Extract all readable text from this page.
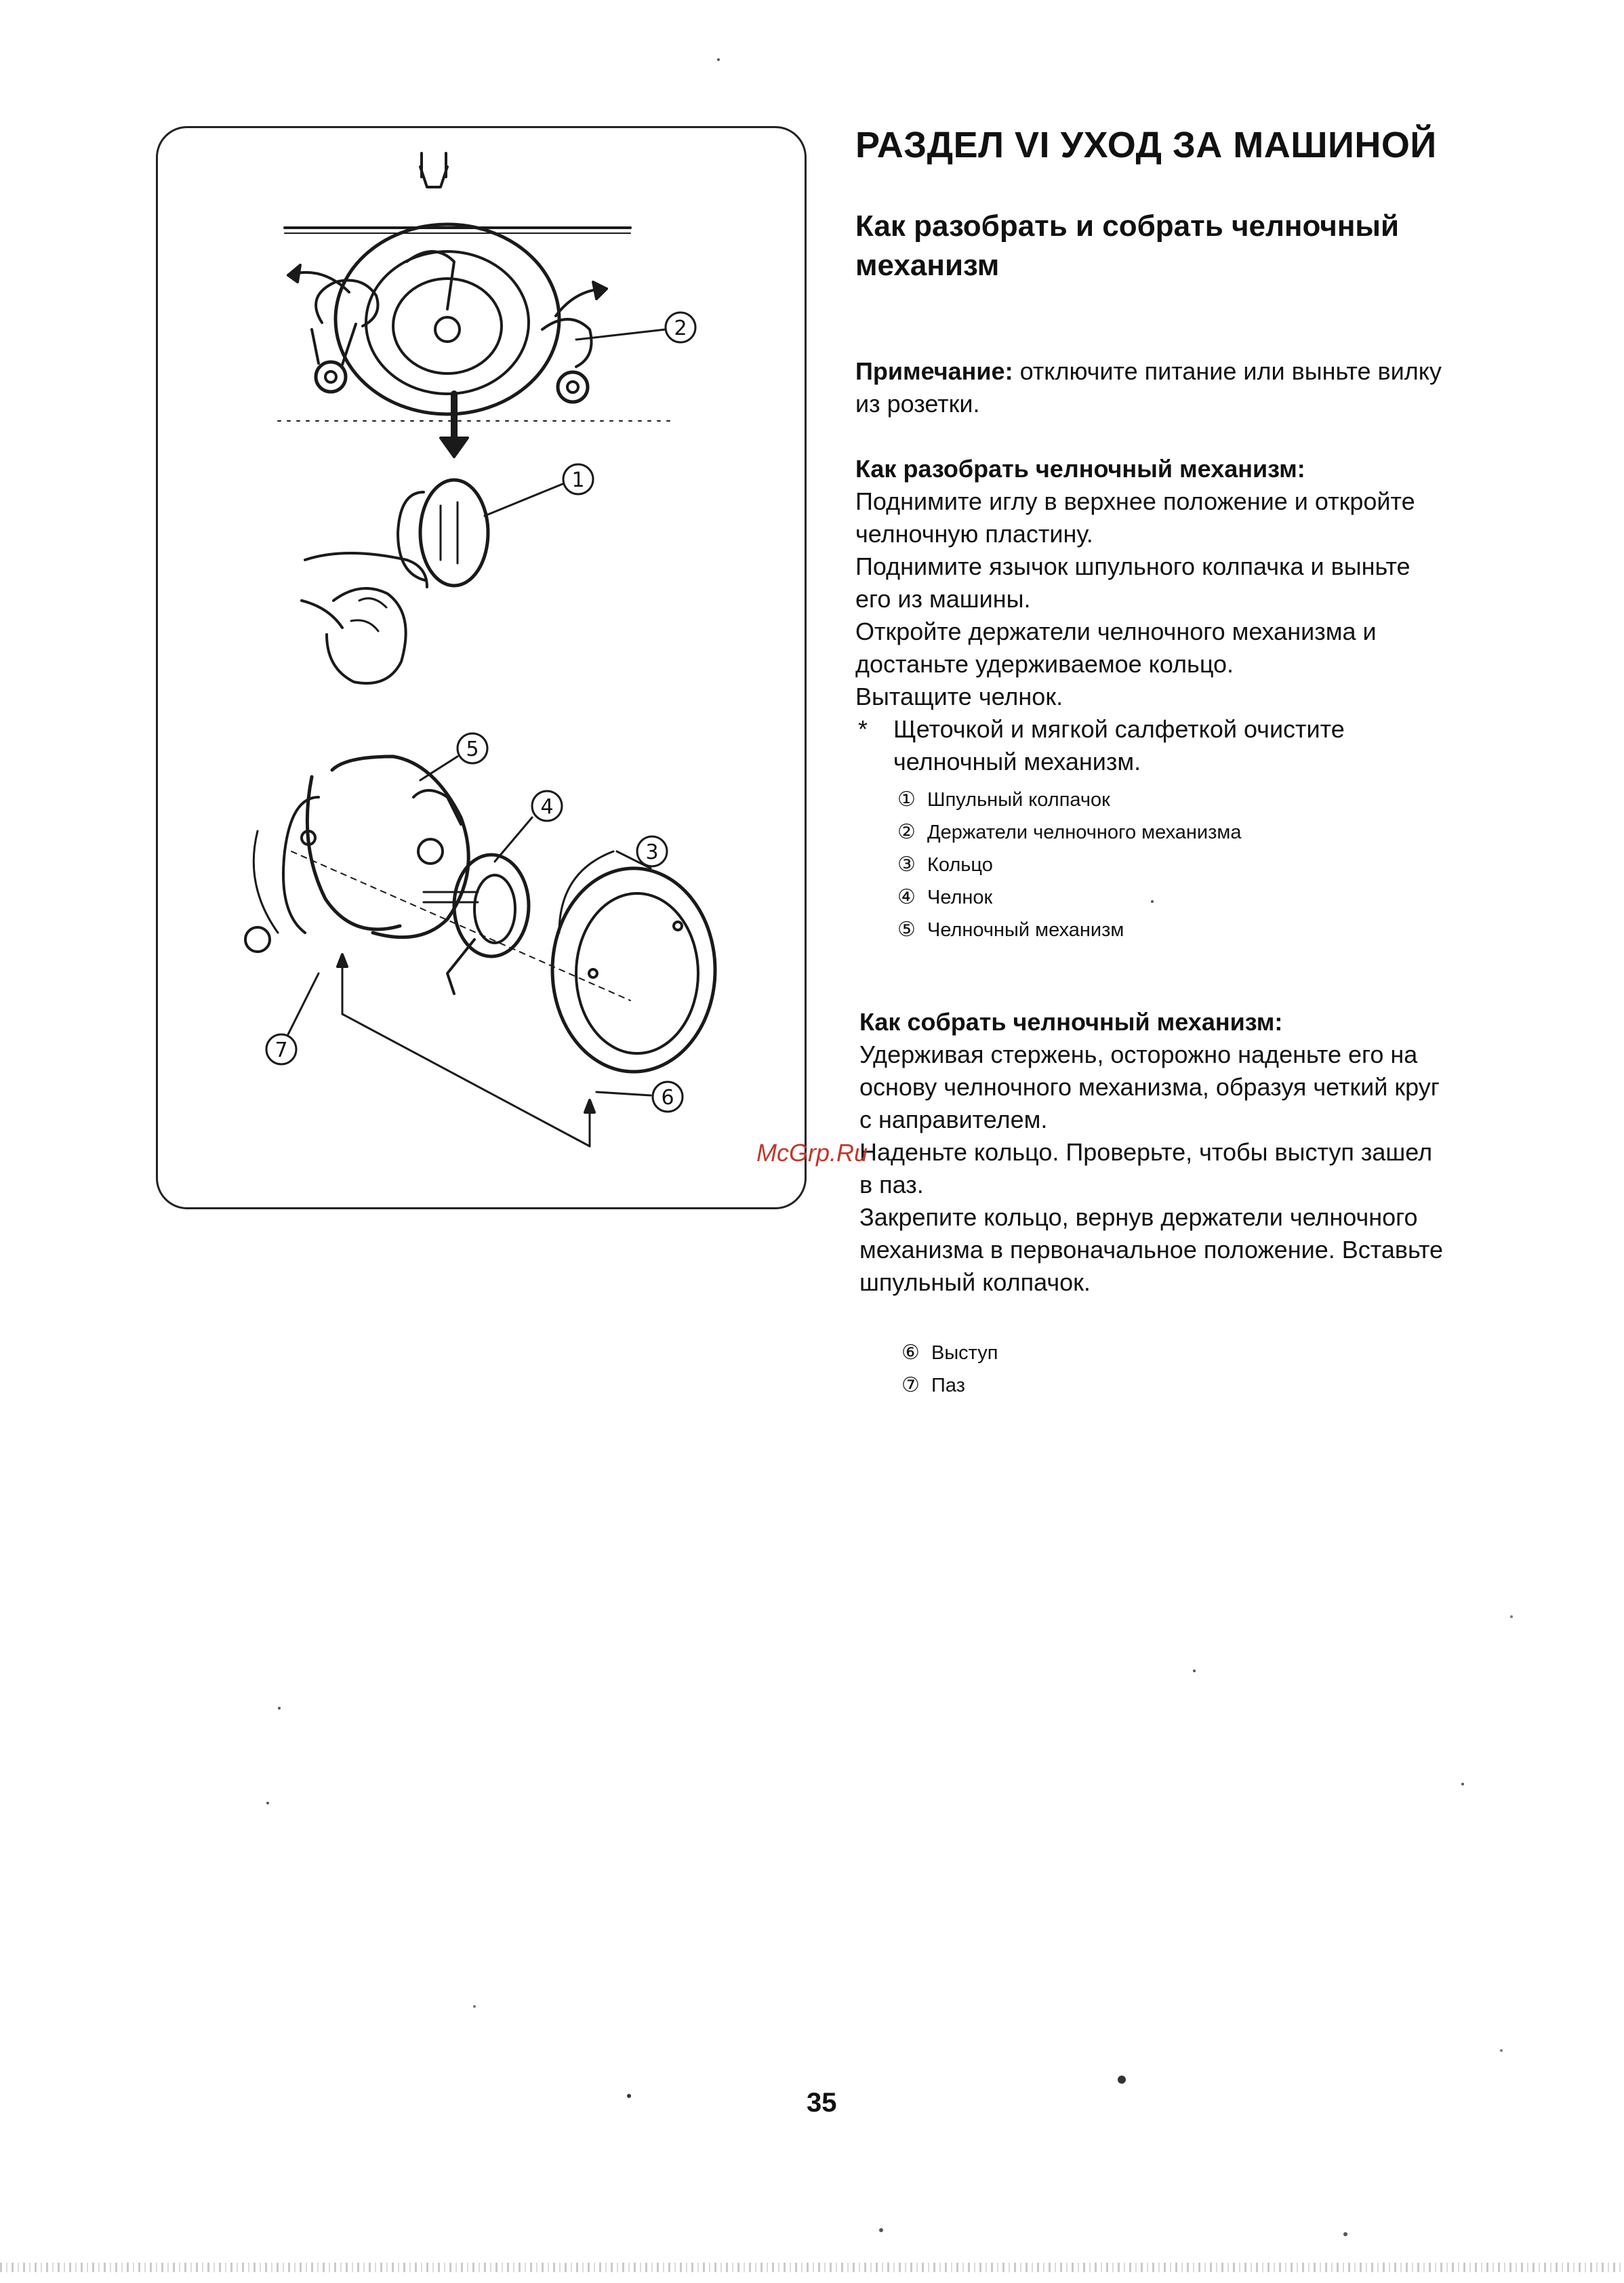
2
1
5
4
3
6
7
РАЗДЕЛ VI УХОД ЗА МАШИНОЙ
Как разобрать и собрать челночный
механизм
Примечание: отключите питание или выньте вилку
из розетки.
Как разобрать челночный механизм:
Поднимите иглу в верхнее положение и откройте
челночную пластину.
Поднимите язычок шпульного колпачка и выньте
его из машины.
Откройте держатели челночного механизма и
достаньте удерживаемое кольцо.
Вытащите челнок.
* Щеточкой и мягкой салфеткой очистите
челночный механизм.
① Шпульный колпачок
② Держатели челночного механизма
③ Кольцо
④ Челнок
⑤ Челночный механизм
Как собрать челночный механизм:
Удерживая стержень, осторожно наденьте его на
основу челночного механизма, образуя четкий круг
с направителем.
Наденьте кольцо. Проверьте, чтобы выступ зашел
в паз.
Закрепите кольцо, вернув держатели челночного
механизма в первоначальное положение. Вставьте
шпульный колпачок.
⑥ Выступ
⑦ Паз
McGrp.Ru
35
